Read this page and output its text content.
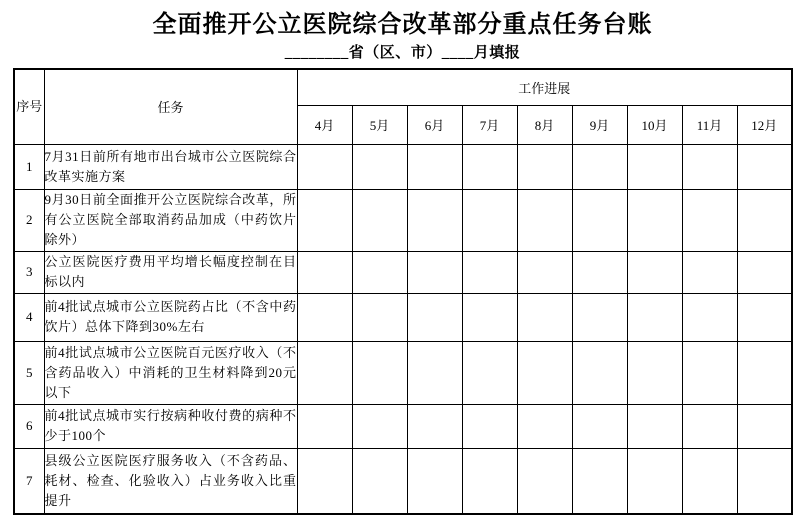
全面推开公立医院综合改革部分重点任务台账
________省（区、市）____月填报
序号	任务	工作进展								
		4月	5月	6月	7月	8月	9月	10月	11月	12月
1	7月31日前所有地市出台城市公立医院综合改革实施方案									
2	9月30日前全面推开公立医院综合改革，所有公立医院全部取消药品加成（中药饮片除外）									
3	公立医院医疗费用平均增长幅度控制在目标以内									
4	前4批试点城市公立医院药占比（不含中药饮片）总体下降到30%左右									
5	前4批试点城市公立医院百元医疗收入（不含药品收入）中消耗的卫生材料降到20元以下									
6	前4批试点城市实行按病种收付费的病种不少于100个									
7	县级公立医院医疗服务收入（不含药品、耗材、检查、化验收入）占业务收入比重提升									
